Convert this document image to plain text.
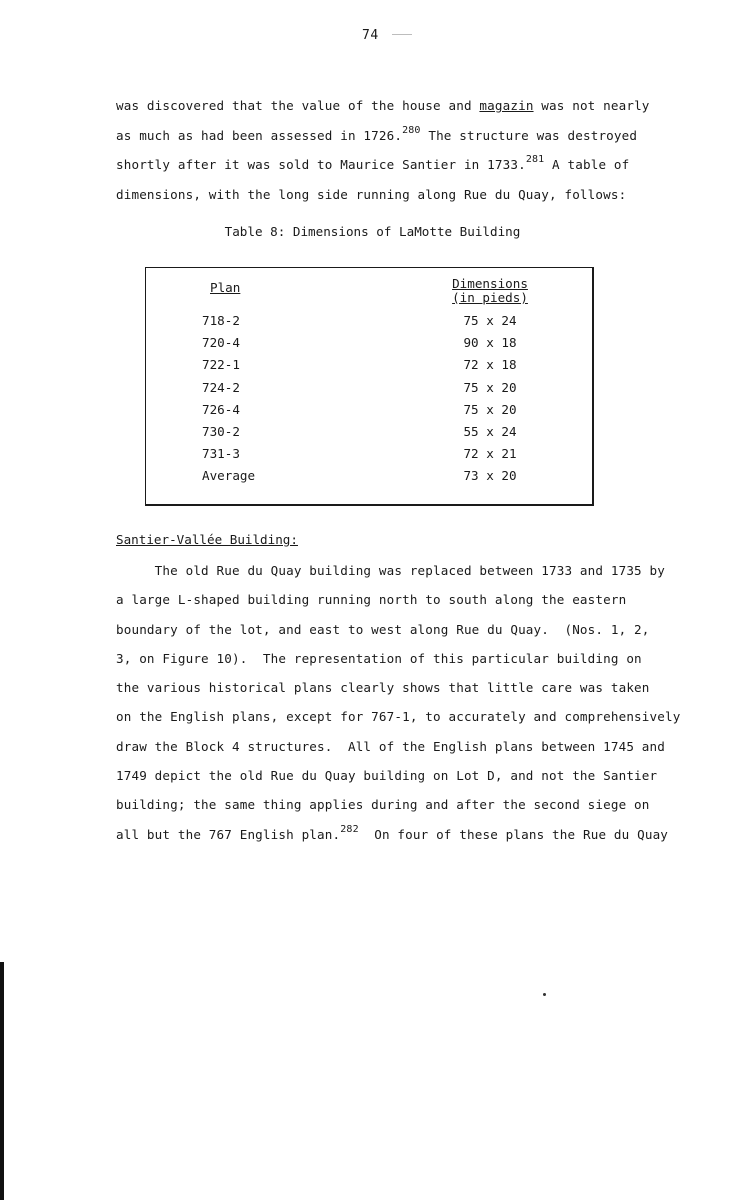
74
was discovered that the value of the house and magazin was not nearly
as much as had been assessed in 1726.$^{280}$ The structure was destroyed
shortly after it was sold to Maurice Santier in 1733.$^{281}$ A table of
dimensions, with the long side running along Rue du Quay, follows:
Table 8: Dimensions of LaMotte Building
Plan	Dimensions
(in pieds)
718-2	75 x 24
720-4	90 x 18
722-1	72 x 18
724-2	75 x 20
726-4	75 x 20
730-2	55 x 24
731-3	72 x 21
Average	73 x 20
Santier-Vallée Building:
The old Rue du Quay building was replaced between 1733 and 1735 by
a large L-shaped building running north to south along the eastern
boundary of the lot, and east to west along Rue du Quay.  (Nos. 1, 2,
3, on Figure 10).  The representation of this particular building on
the various historical plans clearly shows that little care was taken
on the English plans, except for 767-1, to accurately and comprehensively
draw the Block 4 structures.  All of the English plans between 1745 and
1749 depict the old Rue du Quay building on Lot D, and not the Santier
building; the same thing applies during and after the second siege on
all but the 767 English plan.$^{282}$  On four of these plans the Rue du Quay
